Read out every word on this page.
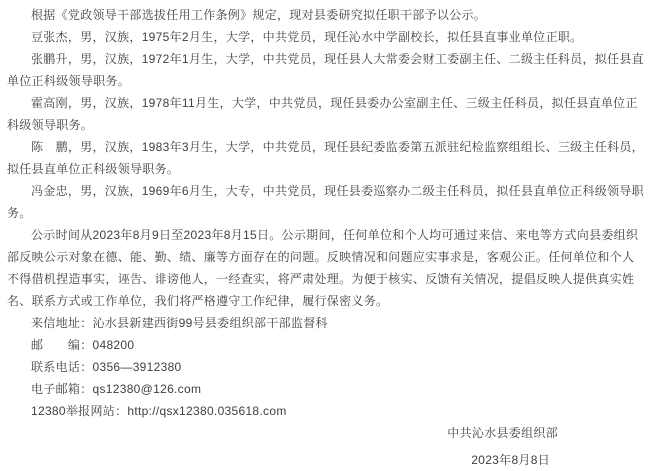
根据《党政领导干部选拔任用工作条例》规定，现对县委研究拟任职干部予以公示。

豆张杰，男，汉族，1975年2月生，大学，中共党员，现任沁水中学副校长，拟任县直事业单位正职。

张鹏升，男，汉族，1972年1月生，大学，中共党员，现任县人大常委会财工委副主任、二级主任科员，拟任县直单位正科级领导职务。

霍高刚，男，汉族，1978年11月生，大学，中共党员，现任县委办公室副主任、三级主任科员，拟任县直单位正科级领导职务。

陈　鹏，男，汉族，1983年3月生，大学，中共党员，现任县纪委监委第五派驻纪检监察组组长、三级主任科员，拟任县直单位正科级领导职务。

冯金忠，男，汉族，1969年6月生，大专，中共党员，现任县委巡察办二级主任科员，拟任县直单位正科级领导职务。

公示时间从2023年8月9日至2023年8月15日。公示期间，任何单位和个人均可通过来信、来电等方式向县委组织部反映公示对象在德、能、勤、绩、廉等方面存在的问题。反映情况和问题应实事求是，客观公正。任何单位和个人不得借机捏造事实，诬告、诽谤他人，一经查实，将严肃处理。为便于核实、反馈有关情况，提倡反映人提供真实姓名、联系方式或工作单位，我们将严格遵守工作纪律，履行保密义务。

来信地址：沁水县新建西街99号县委组织部干部监督科

邮　　编：048200

联系电话：0356—3912380

电子邮箱：qs12380@126.com

12380举报网站：http://qsx12380.035618.com

中共沁水县委组织部

2023年8月8日
